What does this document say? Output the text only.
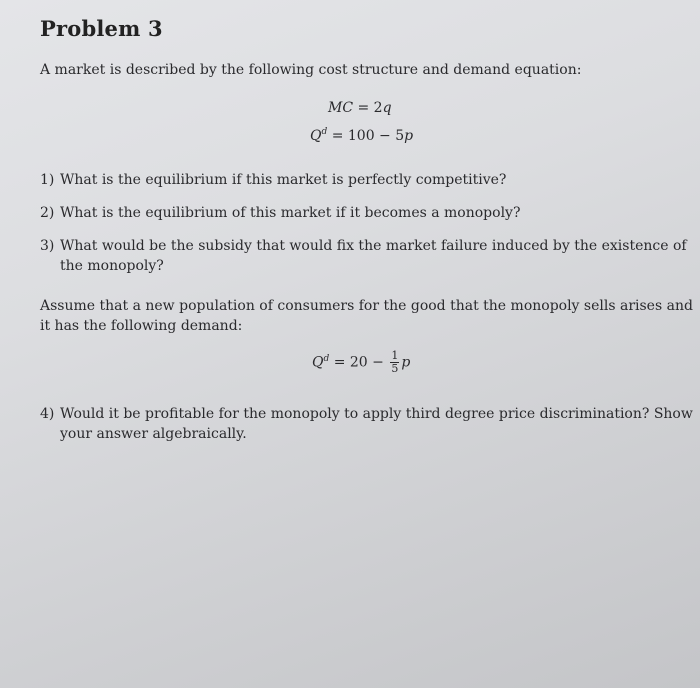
Problem 3
A market is described by the following cost structure and demand equation:
MC = 2q
$Q^d = 100 - 5p$
1) What is the equilibrium if this market is perfectly competitive?
2) What is the equilibrium of this market if it becomes a monopoly?
3) What would be the subsidy that would fix the market failure induced by the existence of
the monopoly?
Assume that a new population of consumers for the good that the monopoly sells arises and
it has the following demand:
$Q^d = 20 - \frac{1}{5}$ p
4) Would it be profitable for the monopoly to apply third degree price discrimination? Show
your answer algebraically.
